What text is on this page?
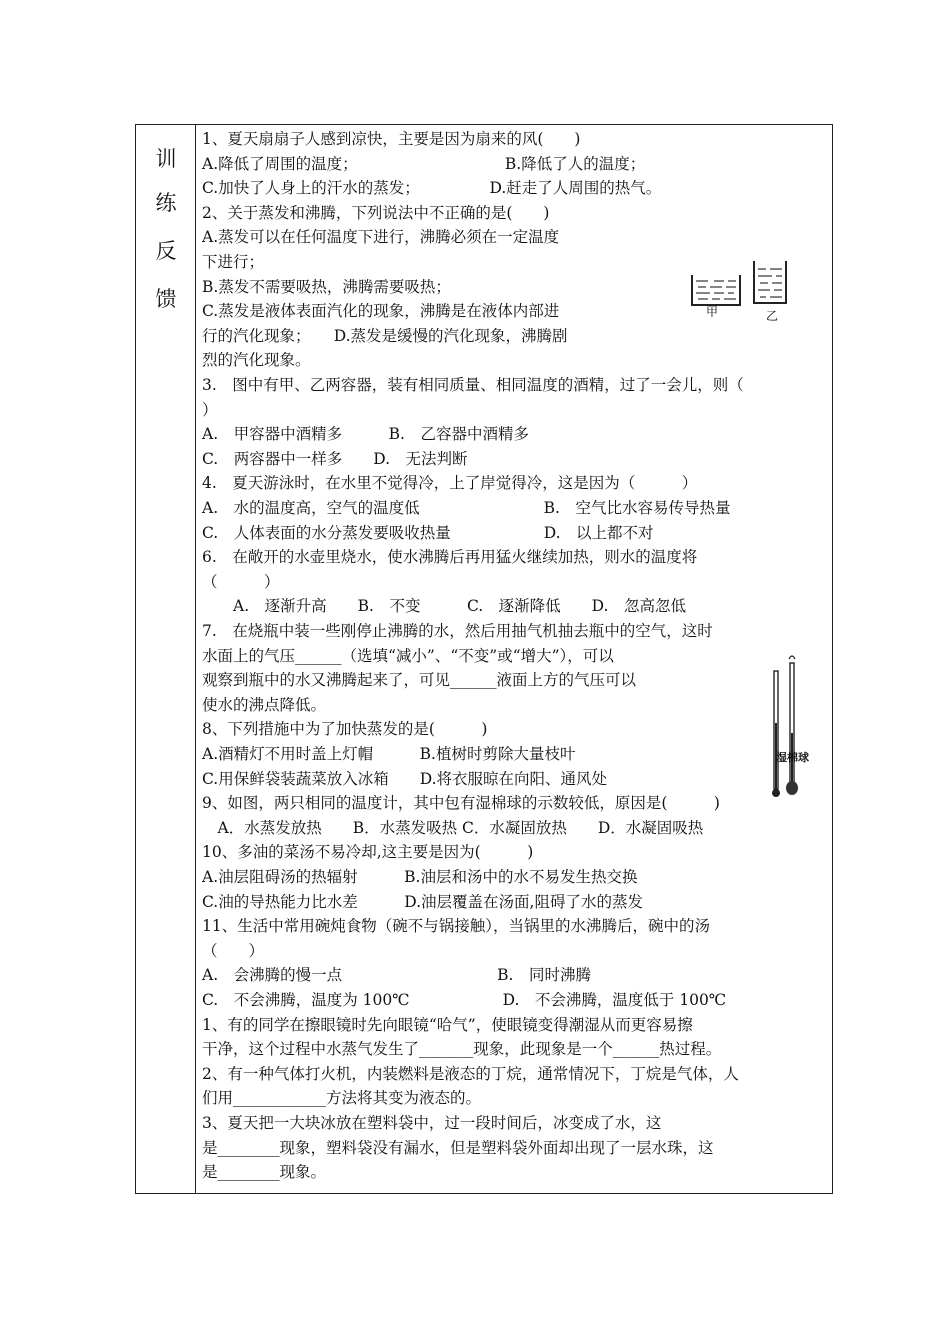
训
练
反
馈
1、夏天扇扇子人感到凉快，主要是因为扇来的风(　　)
A.降低了周围的温度；　　　　　　　　　　B.降低了人的温度；
C.加快了人身上的汗水的蒸发；　　　　　D.赶走了人周围的热气。
2、关于蒸发和沸腾，下列说法中不正确的是(　　)
A.蒸发可以在任何温度下进行，沸腾必须在一定温度
下进行；
B.蒸发不需要吸热，沸腾需要吸热；
C.蒸发是液体表面汽化的现象，沸腾是在液体内部进
行的汽化现象；　　D.蒸发是缓慢的汽化现象，沸腾剧
烈的汽化现象。
3.　图中有甲、乙两容器，装有相同质量、相同温度的酒精，过了一会儿，则（
）
A.　甲容器中酒精多　　　B.　乙容器中酒精多
C.　两容器中一样多　　D.　无法判断
4.　夏天游泳时，在水里不觉得冷，上了岸觉得冷，这是因为（　　　）
A.　水的温度高，空气的温度低　　　　　　　　B.　空气比水容易传导热量
C.　人体表面的水分蒸发要吸收热量　　　　　　D.　以上都不对
6.　在敞开的水壶里烧水，使水沸腾后再用猛火继续加热，则水的温度将
（　　　）
　　A.　逐渐升高　　B.　不变　　　C.　逐渐降低　　D.　忽高忽低
7.　在烧瓶中装一些刚停止沸腾的水，然后用抽气机抽去瓶中的空气，这时
水面上的气压______（选填“减小”、“不变”或“增大”），可以
观察到瓶中的水又沸腾起来了，可见______液面上方的气压可以
使水的沸点降低。
8、下列措施中为了加快蒸发的是(　　　)
A.酒精灯不用时盖上灯帽　　　B.植树时剪除大量枝叶
C.用保鲜袋装蔬菜放入冰箱　　D.将衣服晾在向阳、通风处
9、如图，两只相同的温度计，其中包有湿棉球的示数较低，原因是(　　　)
　A．水蒸发放热　　B．水蒸发吸热 C．水凝固放热　　D．水凝固吸热
10、多油的菜汤不易冷却,这主要是因为(　　　)
A.油层阻碍汤的热辐射　　　B.油层和汤中的水不易发生热交换
C.油的导热能力比水差　　　D.油层覆盖在汤面,阻碍了水的蒸发
11、生活中常用碗炖食物（碗不与锅接触），当锅里的水沸腾后，碗中的汤
（　　）
A.　会沸腾的慢一点　　　　　　　　　　B.　同时沸腾
C.　不会沸腾，温度为 100℃　　　　　　D.　不会沸腾，温度低于 100℃
1、有的同学在擦眼镜时先向眼镜“哈气”，使眼镜变得潮湿从而更容易擦
干净，这个过程中水蒸气发生了_______现象，此现象是一个______热过程。
2、有一种气体打火机，内装燃料是液态的丁烷，通常情况下，丁烷是气体，人
们用____________方法将其变为液态的。
3、夏天把一大块冰放在塑料袋中，过一段时间后，冰变成了水，这
是________现象，塑料袋没有漏水，但是塑料袋外面却出现了一层水珠，这
是________现象。
甲	乙
湿棉球
